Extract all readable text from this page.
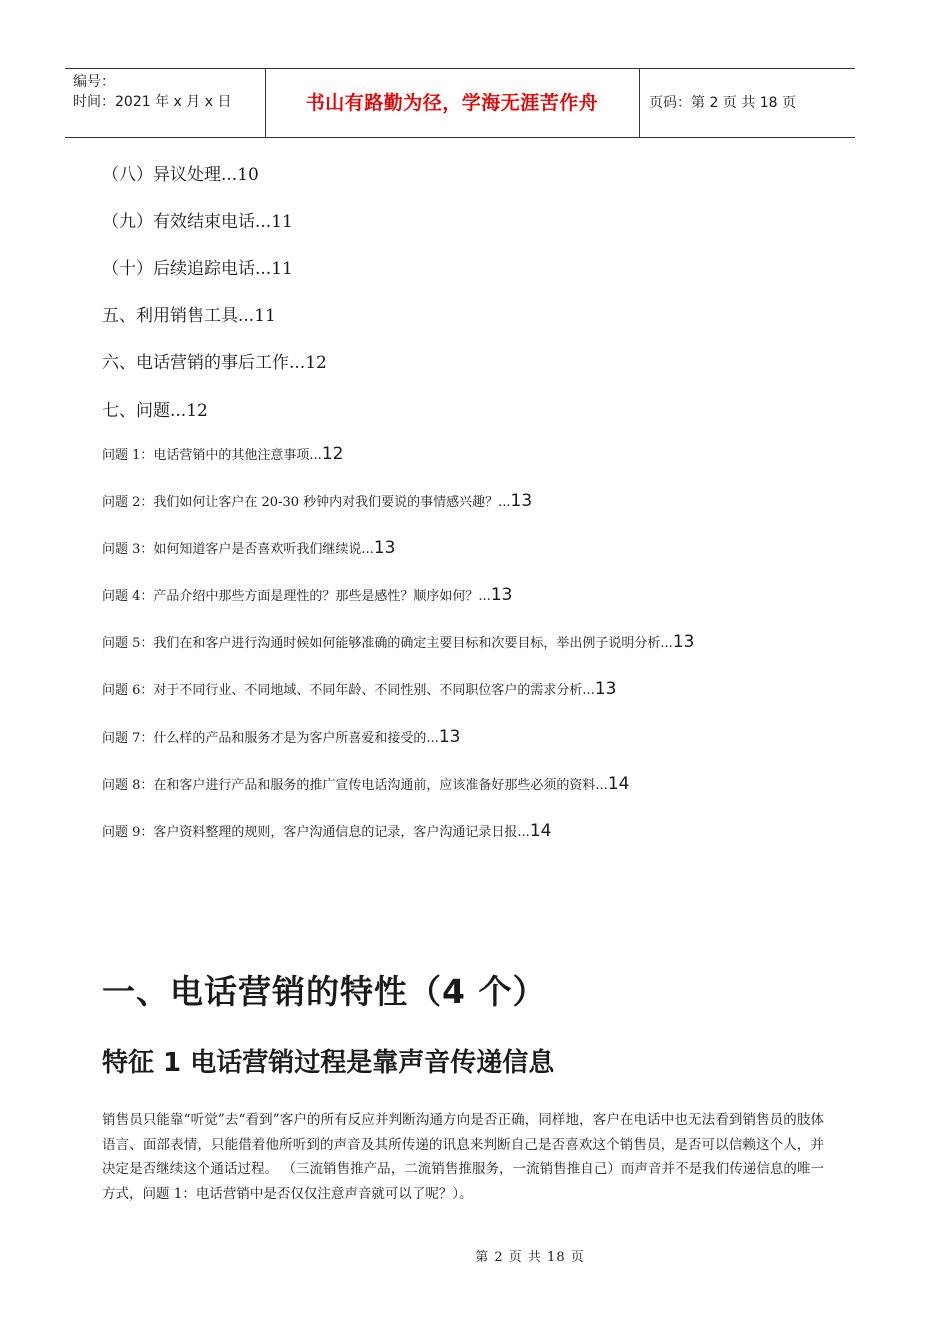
编号：
时间：2021 年 x 月 x 日	书山有路勤为径，学海无涯苦作舟	页码：第 2 页 共 18 页
（八）异议处理...10
（九）有效结束电话...11
（十）后续追踪电话...11
五、利用销售工具...11
六、电话营销的事后工作...12
七、问题...12
问题 1：电话营销中的其他注意事项...12
问题 2：我们如何让客户在 20-30 秒钟内对我们要说的事情感兴趣？...13
问题 3：如何知道客户是否喜欢听我们继续说...13
问题 4：产品介绍中那些方面是理性的？那些是感性？顺序如何？...13
问题 5：我们在和客户进行沟通时候如何能够准确的确定主要目标和次要目标，举出例子说明分析...13
问题 6：对于不同行业、不同地域、不同年龄、不同性别、不同职位客户的需求分析...13
问题 7：什么样的产品和服务才是为客户所喜爱和接受的...13
问题 8：在和客户进行产品和服务的推广宣传电话沟通前，应该准备好那些必须的资料...14
问题 9：客户资料整理的规则，客户沟通信息的记录，客户沟通记录日报...14
一、电话营销的特性（4 个）
特征 1 电话营销过程是靠声音传递信息
销售员只能靠“听觉”去“看到”客户的所有反应并判断沟通方向是否正确，同样地，客户在电话中也无法看到销售员的肢体语言、面部表情，只能借着他所听到的声音及其所传递的讯息来判断自己是否喜欢这个销售员，是否可以信赖这个人，并决定是否继续这个通话过程。 （三流销售推产品，二流销售推服务，一流销售推自己）而声音并不是我们传递信息的唯一方式，问题 1：电话营销中是否仅仅注意声音就可以了呢？）。
第 2 页 共 18 页
